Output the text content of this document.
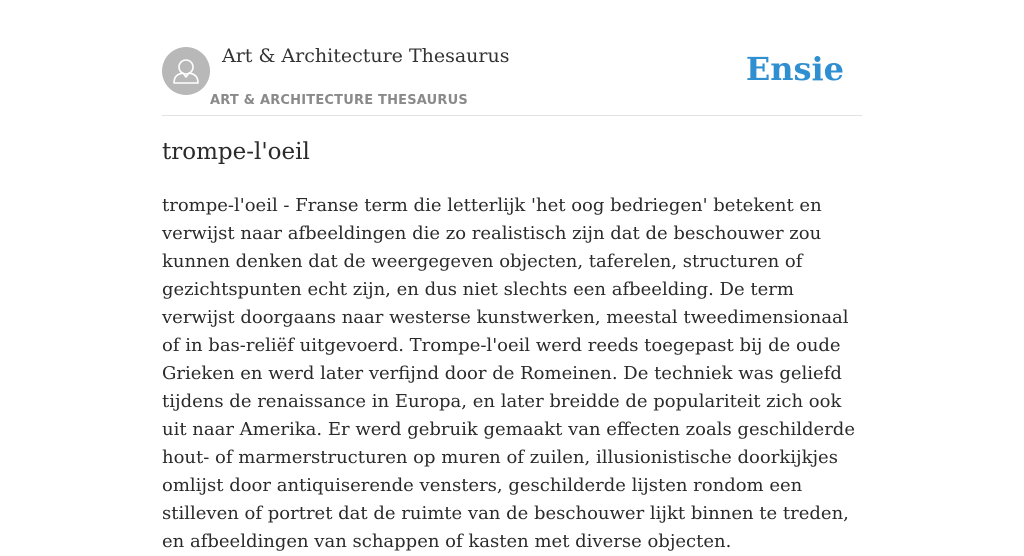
Art & Architecture Thesaurus
ART & ARCHITECTURE THESAURUS
Ensie
trompe-l'oeil

trompe-l'oeil - Franse term die letterlijk 'het oog bedriegen' betekent en verwijst naar afbeeldingen die zo realistisch zijn dat de beschouwer zou kunnen denken dat de weergegeven objecten, taferelen, structuren of gezichtspunten echt zijn, en dus niet slechts een afbeelding. De term verwijst doorgaans naar westerse kunstwerken, meestal tweedimensionaal of in bas-reliëf uitgevoerd. Trompe-l'oeil werd reeds toegepast bij de oude Grieken en werd later verfijnd door de Romeinen. De techniek was geliefd tijdens de renaissance in Europa, en later breidde de populariteit zich ook uit naar Amerika. Er werd gebruik gemaakt van effecten zoals geschilderde hout- of marmerstructuren op muren of zuilen, illusionistische doorkijkjes omlijst door antiquiserende vensters, geschilderde lijsten rondom een stilleven of portret dat de ruimte van de beschouwer lijkt binnen te treden, en afbeeldingen van schappen of kasten met diverse objecten.
